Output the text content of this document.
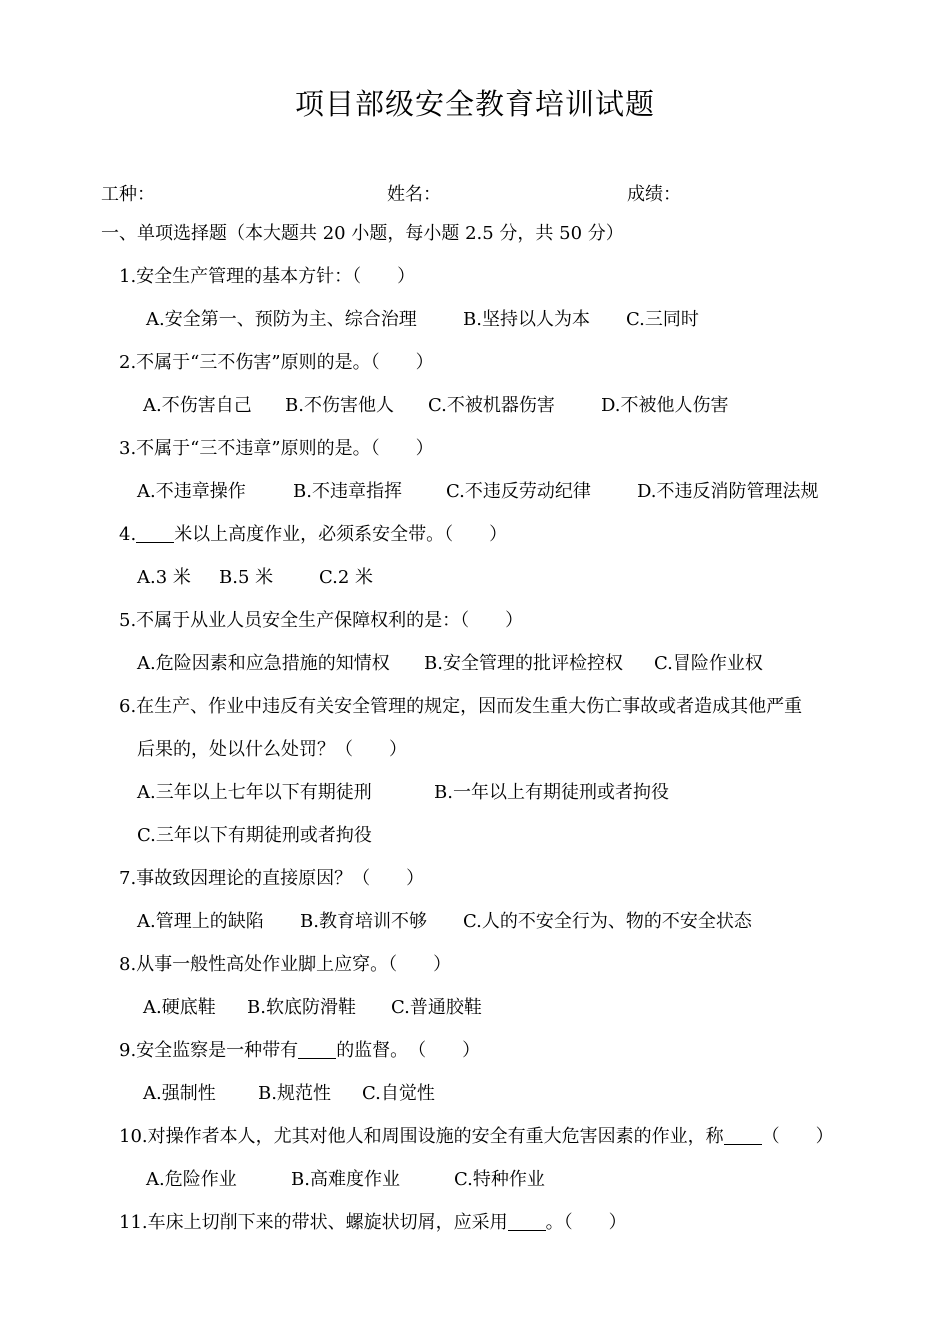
项目部级安全教育培训试题
工种：	姓名：	成绩：
一、单项选择题（本大题共 20 小题，每小题 2.5 分，共 50 分）
1.安全生产管理的基本方针：（　　）
A.安全第一、预防为主、综合治理	B.坚持以人为本 C.三同时
2.不属于“三不伤害”原则的是。（　　）
A.不伤害自己 B.不伤害他人 C.不被机器伤害	D.不被他人伤害
3.不属于“三不违章”原则的是。（　　）
A.不违章操作	B.不违章指挥 C.不违反劳动纪律	D.不违反消防管理法规
4. 米以上高度作业，必须系安全带。（　　）
A.3 米 B.5 米	C.2 米
5.不属于从业人员安全生产保障权利的是：（　　）
A.危险因素和应急措施的知情权 B.安全管理的批评检控权 C.冒险作业权
6.在生产、作业中违反有关安全管理的规定，因而发生重大伤亡事故或者造成其他严重
后果的，处以什么处罚？（　　）
A.三年以上七年以下有期徒刑	B.一年以上有期徒刑或者拘役
C.三年以下有期徒刑或者拘役
7.事故致因理论的直接原因？（　　）
A.管理上的缺陷 B.教育培训不够 C.人的不安全行为、物的不安全状态
8.从事一般性高处作业脚上应穿。（　　）
A.硬底鞋 B.软底防滑鞋 C.普通胶鞋
9.安全监察是一种带有 的监督。　（　　）
A.强制性 B.规范性 C.自觉性
10.对操作者本人，尤其对他人和周围设施的安全有重大危害因素的作业，称 （　　）
A.危险作业	B.高难度作业	C.特种作业
11.车床上切削下来的带状、螺旋状切屑，应采用 。（　　）
